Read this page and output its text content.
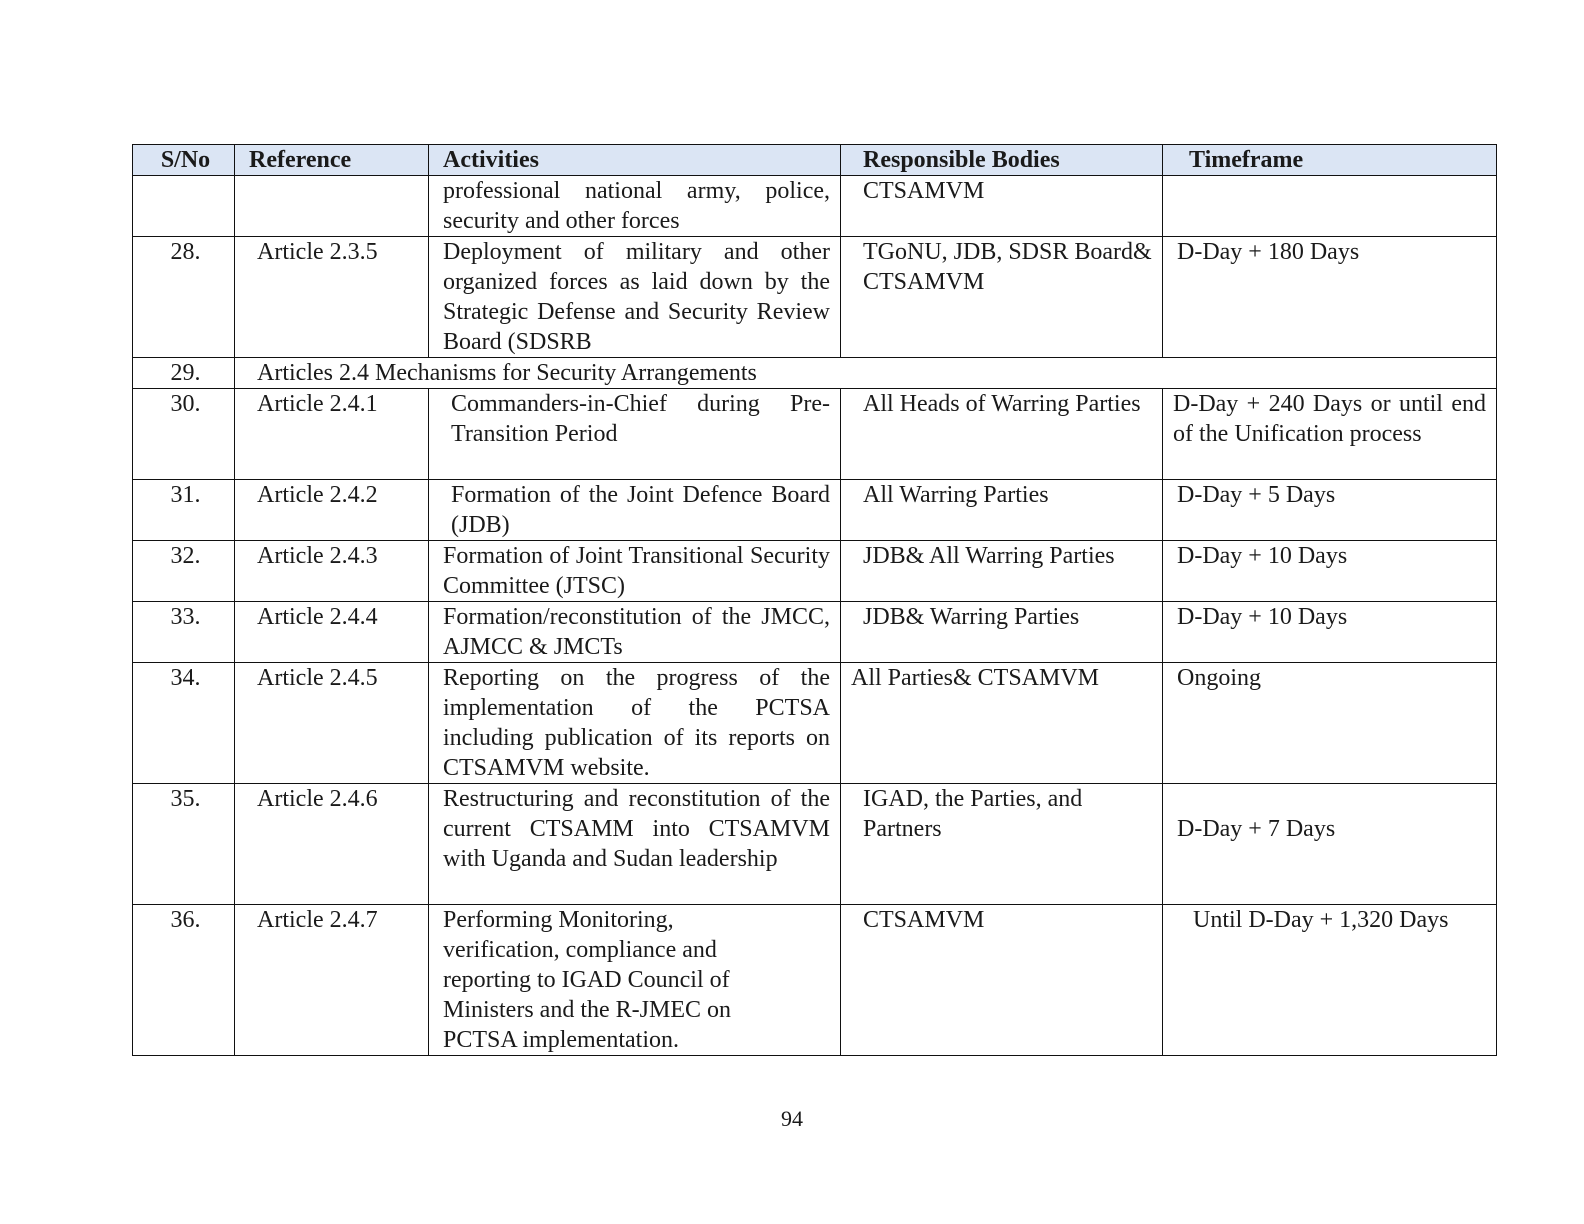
S/No	Reference	Activities	Responsible Bodies	Timeframe
		professional national army, police, security and other forces	CTSAMVM	
28.	Article 2.3.5	Deployment of military and other organized forces as laid down by the Strategic Defense and Security Review Board (SDSRB	TGoNU, JDB, SDSR Board& CTSAMVM	D-Day + 180 Days
29.	Articles 2.4 Mechanisms for Security Arrangements			
30.	Article 2.4.1	Commanders-in-Chief during Pre-Transition Period	All Heads of Warring Parties	D-Day + 240 Days or until end of the Unification process
31.	Article 2.4.2	Formation of the Joint Defence Board (JDB)	All Warring Parties	D-Day + 5 Days
32.	Article 2.4.3	Formation of Joint Transitional Security Committee (JTSC)	JDB& All Warring Parties	D-Day + 10 Days
33.	Article 2.4.4	Formation/reconstitution of the JMCC, AJMCC & JMCTs	JDB& Warring Parties	D-Day + 10 Days
34.	Article 2.4.5	Reporting on the progress of the implementation of the PCTSA including publication of its reports on CTSAMVM website.	All Parties& CTSAMVM	Ongoing
35.	Article 2.4.6	Restructuring and reconstitution of the current CTSAMM into CTSAMVM with Uganda and Sudan leadership	IGAD, the Parties, and Partners	D-Day + 7 Days
36.	Article 2.4.7	Performing Monitoring, verification, compliance and reporting to IGAD Council of Ministers and the R-JMEC on PCTSA implementation.	CTSAMVM	Until D-Day + 1,320 Days
94
